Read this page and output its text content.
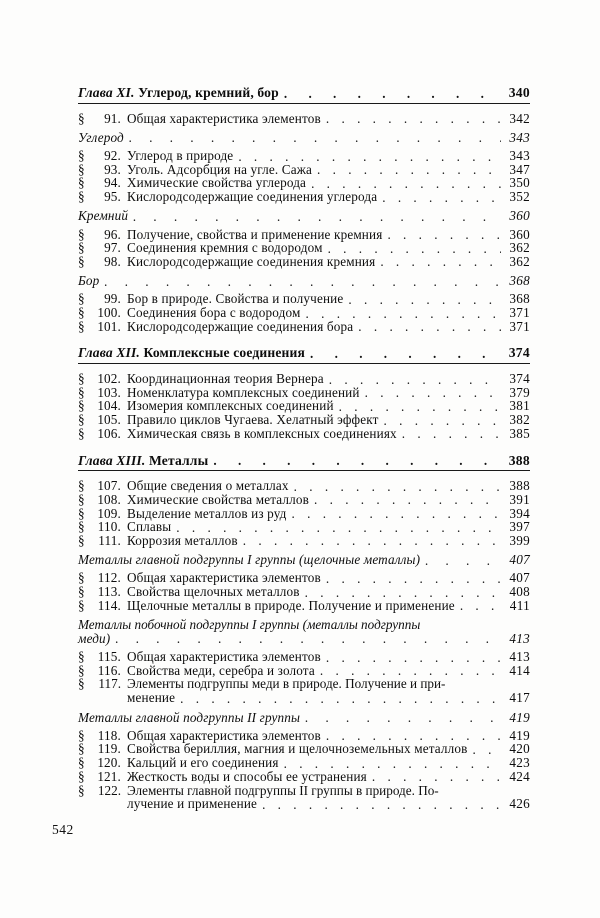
Глава XI. Углерод, кремний, бор . . .	340
§ 91. Общая характеристика элементов . . .	342
Углерод . . .	343
§ 92. Углерод в природе . . .	343
§ 93. Уголь. Адсорбция на угле. Сажа . . .	347
§ 94. Химические свойства углерода . . .	350
§ 95. Кислородсодержащие соединения углерода . . .	352
Кремний . . .	360
§ 96. Получение, свойства и применение кремния . . .	360
§ 97. Соединения кремния с водородом . . .	362
§ 98. Кислородсодержащие соединения кремния . . .	362
Бор . . .	368
§ 99. Бор в природе. Свойства и получение . . .	368
§ 100. Соединения бора с водородом . . .	371
§ 101. Кислородсодержащие соединения бора . . .	371
Глава XII. Комплексные соединения . . .	374
§ 102. Координационная теория Вернера . . .	374
§ 103. Номенклатура комплексных соединений . . .	379
§ 104. Изомерия комплексных соединений . . .	381
§ 105. Правило циклов Чугаева. Хелатный эффект . . .	382
§ 106. Химическая связь в комплексных соединениях . . .	385
Глава XIII. Металлы . . .	388
§ 107. Общие сведения о металлах . . .	388
§ 108. Химические свойства металлов . . .	391
§ 109. Выделение металлов из руд . . .	394
§ 110. Сплавы . . .	397
§ 111. Коррозия металлов . . .	399
Металлы главной подгруппы I группы (щелочные металлы) . . .	407
§ 112. Общая характеристика элементов . . .	407
§ 113. Свойства щелочных металлов . . .	408
§ 114. Щелочные металлы в природе. Получение и применение . . .	411
Металлы побочной подгруппы I группы (металлы подгруппы
меди) . . .	413
§ 115. Общая характеристика элементов . . .	413
§ 116. Свойства меди, серебра и золота . . .	414
§ 117. Элементы подгруппы меди в природе. Получение и при-
менение . . .	417
Металлы главной подгруппы II группы . . .	419
§ 118. Общая характеристика элементов . . .	419
§ 119. Свойства бериллия, магния и щелочноземельных металлов . . .	420
§ 120. Кальций и его соединения . . .	423
§ 121. Жесткость воды и способы ее устранения . . .	424
§ 122. Элементы главной подгруппы II группы в природе. По-
лучение и применение . . .	426
542
